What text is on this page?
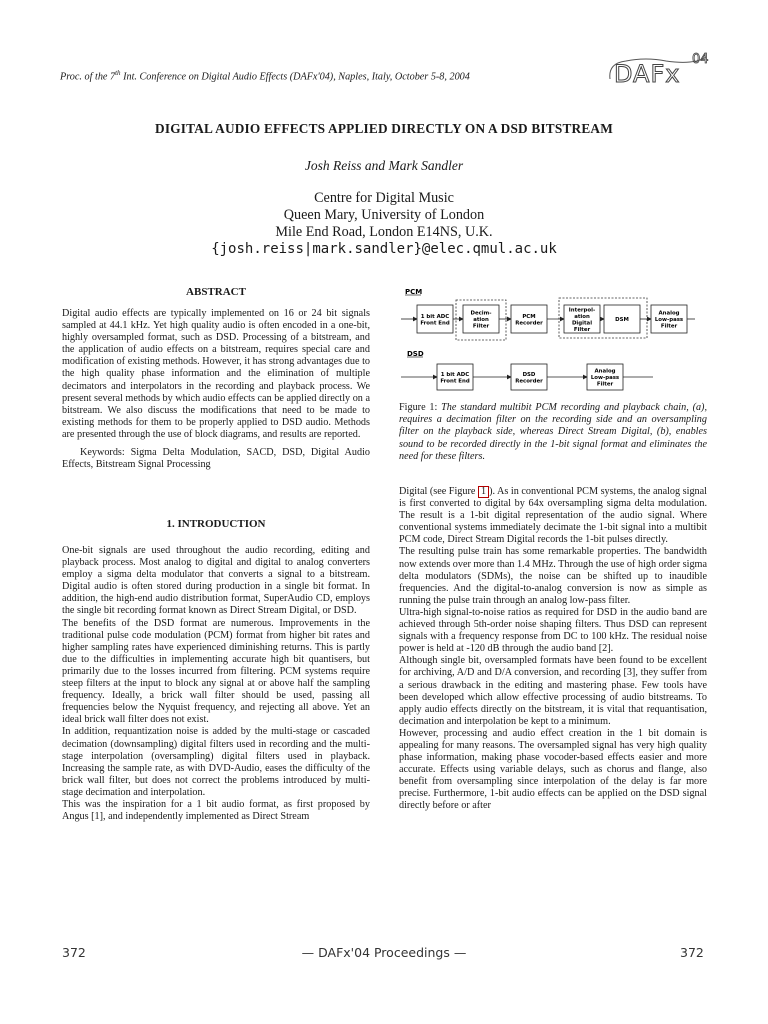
Proc. of the 7th Int. Conference on Digital Audio Effects (DAFx'04), Naples, Italy, October 5-8, 2004	DAFx
04
DIGITAL AUDIO EFFECTS APPLIED DIRECTLY ON A DSD BITSTREAM
Josh Reiss and Mark Sandler
Centre for Digital Music
Queen Mary, University of London
Mile End Road, London E14NS, U.K.
{josh.reiss|mark.sandler}@elec.qmul.ac.uk
ABSTRACT

Digital audio effects are typically implemented on 16 or 24 bit signals sampled at 44.1 kHz. Yet high quality audio is often encoded in a one-bit, highly oversampled format, such as DSD. Processing of a bitstream, and the application of audio effects on a bitstream, requires special care and modification of existing methods. However, it has strong advantages due to the high quality phase information and the elimination of multiple decimators and interpolators in the recording and playback process. We present several methods by which audio effects can be applied directly on a bitstream. We also discuss the modifications that need to be made to existing methods for them to be properly applied to DSD audio. Methods are presented through the use of block diagrams, and results are reported.

Keywords: Sigma Delta Modulation, SACD, DSD, Digital Audio Effects, Bitstream Signal Processing

1. INTRODUCTION

One-bit signals are used throughout the audio recording, editing and playback process. Most analog to digital and digital to analog converters employ a sigma delta modulator that converts a signal to a bitstream. Digital audio is often stored during production in a single bit format. In addition, the high-end audio distribution format, SuperAudio CD, employs the single bit recording format known as Direct Stream Digital, or DSD.

The benefits of the DSD format are numerous. Improvements in the traditional pulse code modulation (PCM) format from higher bit rates and higher sampling rates have experienced diminishing returns. This is partly due to the difficulties in implementing accurate high bit quantisers, but primarily due to the losses incurred from filtering. PCM systems require steep filters at the input to block any signal at or above half the sampling frequency. Ideally, a brick wall filter should be used, passing all frequencies below the Nyquist frequency, and rejecting all above. Yet an ideal brick wall filter does not exist.

In addition, requantization noise is added by the multi-stage or cascaded decimation (downsampling) digital filters used in recording and the multi-stage interpolation (oversampling) digital filters used in playback. Increasing the sample rate, as with DVD-Audio, eases the difficulty of the brick wall filter, but does not correct the problems introduced by multi-stage decimation and interpolation.

This was the inspiration for a 1 bit audio format, as first proposed by Angus [1], and independently implemented as Direct Stream

PCM
DSD
1 bit ADC
Front End
Decim-
ation
Filter
PCM
Recorder
Interpol-
ation
Digital
Filter
DSM
Analog
Low-pass
Filter
1 bit ADC
Front End
DSD
Recorder
Analog
Low-pass
Filter
Figure 1: The standard multibit PCM recording and playback chain, (a), requires a decimation filter on the recording side and an oversampling filter on the playback side, whereas Direct Stream Digital, (b), enables sound to be recorded directly in the 1-bit signal format and eliminates the need for these filters.

Digital (see Figure 1 ). As in conventional PCM systems, the analog signal is first converted to digital by 64x oversampling sigma delta modulation. The result is a 1-bit digital representation of the audio signal. Where conventional systems immediately decimate the 1-bit signal into a multibit PCM code, Direct Stream Digital records the 1-bit pulses directly.

The resulting pulse train has some remarkable properties. The bandwidth now extends over more than 1.4 MHz. Through the use of high order sigma delta modulators (SDMs), the noise can be shifted up to inaudible frequencies. And the digital-to-analog conversion is now as simple as running the pulse train through an analog low-pass filter.

Ultra-high signal-to-noise ratios as required for DSD in the audio band are achieved through 5th-order noise shaping filters. Thus DSD can represent signals with a frequency response from DC to 100 kHz. The residual noise power is held at -120 dB through the audio band [2].

Although single bit, oversampled formats have been found to be excellent for archiving, A/D and D/A conversion, and recording [3], they suffer from a serious drawback in the editing and mastering phase. Few tools have been developed which allow effective processing of audio bitstreams. To apply audio effects directly on the bitstream, it is vital that requantisation, decimation and interpolation be kept to a minimum.

However, processing and audio effect creation in the 1 bit domain is appealing for many reasons. The oversampled signal has very high quality phase information, making phase vocoder-based effects easier and more accurate. Effects using variable delays, such as chorus and flange, also benefit from oversampling since interpolation of the delay is far more precise. Furthermore, 1-bit audio effects can be applied on the DSD signal directly before or after

372	— DAFx'04 Proceedings —	372
